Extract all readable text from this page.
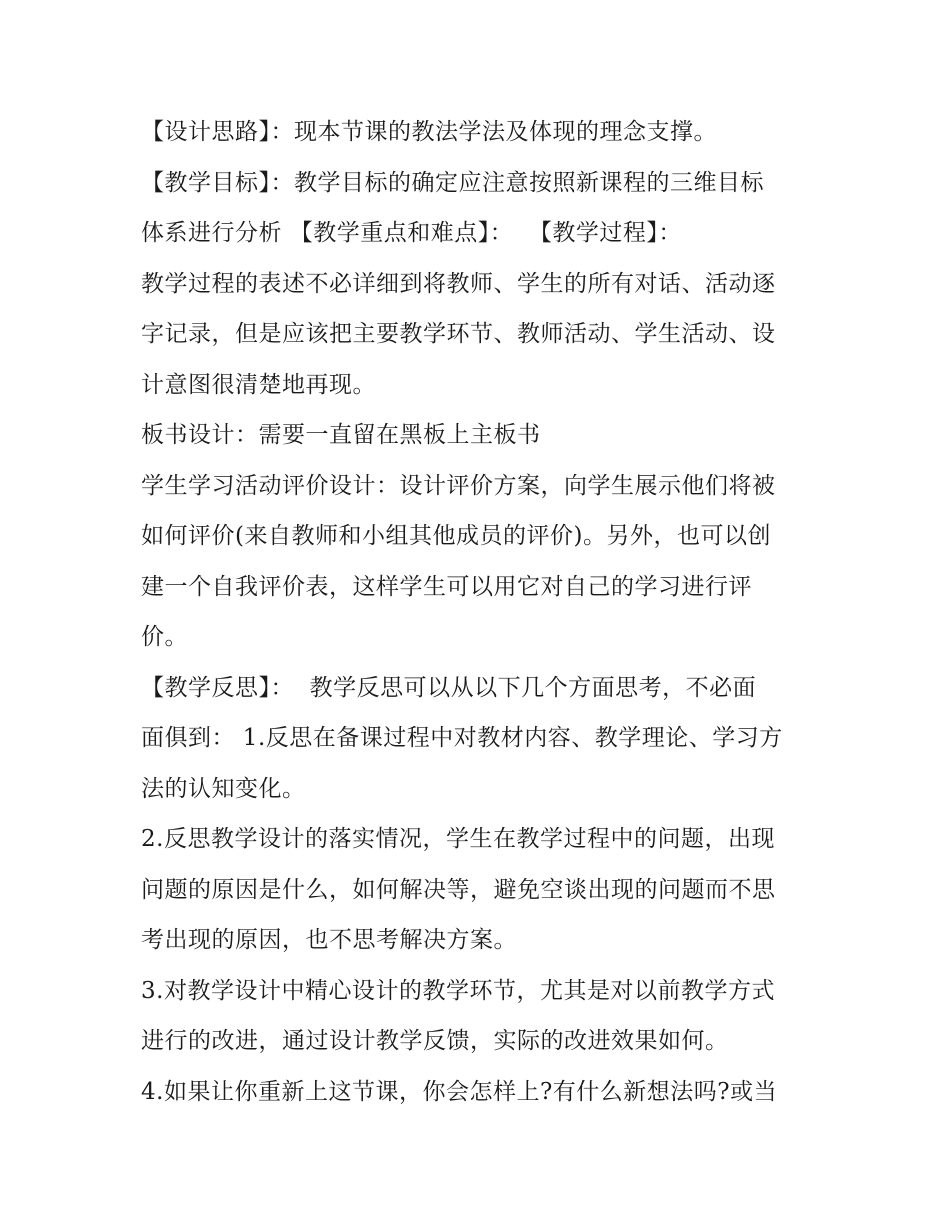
【设计思路】：现本节课的教法学法及体现的理念支撑。

【教学目标】：教学目标的确定应注意按照新课程的三维目标

体系进行分析 【教学重点和难点】：  【教学过程】：

教学过程的表述不必详细到将教师、学生的所有对话、活动逐

字记录，但是应该把主要教学环节、教师活动、学生活动、设

计意图很清楚地再现。

板书设计：需要一直留在黑板上主板书

学生学习活动评价设计：设计评价方案，向学生展示他们将被

如何评价(来自教师和小组其他成员的评价)。另外，也可以创

建一个自我评价表，这样学生可以用它对自己的学习进行评

价。

【教学反思】：  教学反思可以从以下几个方面思考，不必面

面俱到： 1.反思在备课过程中对教材内容、教学理论、学习方

法的认知变化。

2.反思教学设计的落实情况，学生在教学过程中的问题，出现

问题的原因是什么，如何解决等，避免空谈出现的问题而不思

考出现的原因，也不思考解决方案。

3.对教学设计中精心设计的教学环节，尤其是对以前教学方式

进行的改进，通过设计教学反馈，实际的改进效果如何。

4.如果让你重新上这节课，你会怎样上?有什么新想法吗?或当
